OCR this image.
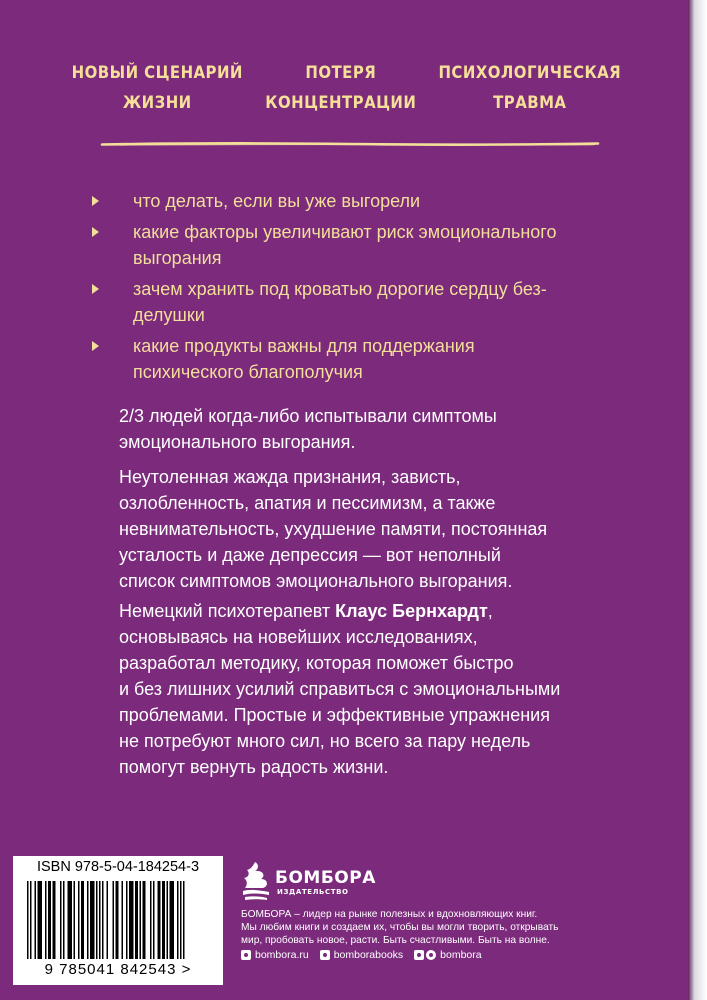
НОВЫЙ СЦЕНАРИЙ
ЖИЗНИ
ПОТЕРЯ
КОНЦЕНТРАЦИИ
ПСИХОЛОГИЧЕСКАЯ
ТРАВМА
что делать, если вы уже выгорели
какие факторы увеличивают риск эмоционального
выгорания
зачем хранить под кроватью дорогие сердцу без-
делушки
какие продукты важны для поддержания
психического благополучия
2/3 людей когда-либо испытывали симптомы
эмоционального выгорания.
Неутоленная жажда признания, зависть,
озлобленность, апатия и пессимизм, а также
невнимательность, ухудшение памяти, постоянная
усталость и даже депрессия — вот неполный
список симптомов эмоционального выгорания.
Немецкий психотерапевт Клаус Бернхардт,
основываясь на новейших исследованиях,
разработал методику, которая поможет быстро
и без лишних усилий справиться с эмоциональными
проблемами. Простые и эффективные упражнения
не потребуют много сил, но всего за пару недель
помогут вернуть радость жизни.
ISBN 978-5-04-184254-3
9 785041 842543 >
БОМБОРА
ИЗДАТЕЛЬСТВО
БОМБОРА – лидер на рынке полезных и вдохновляющих книг.
Мы любим книги и создаем их, чтобы вы могли творить, открывать
мир, пробовать новое, расти. Быть счастливыми. Быть на волне.
bombora.ru bomborabooks	bombora
